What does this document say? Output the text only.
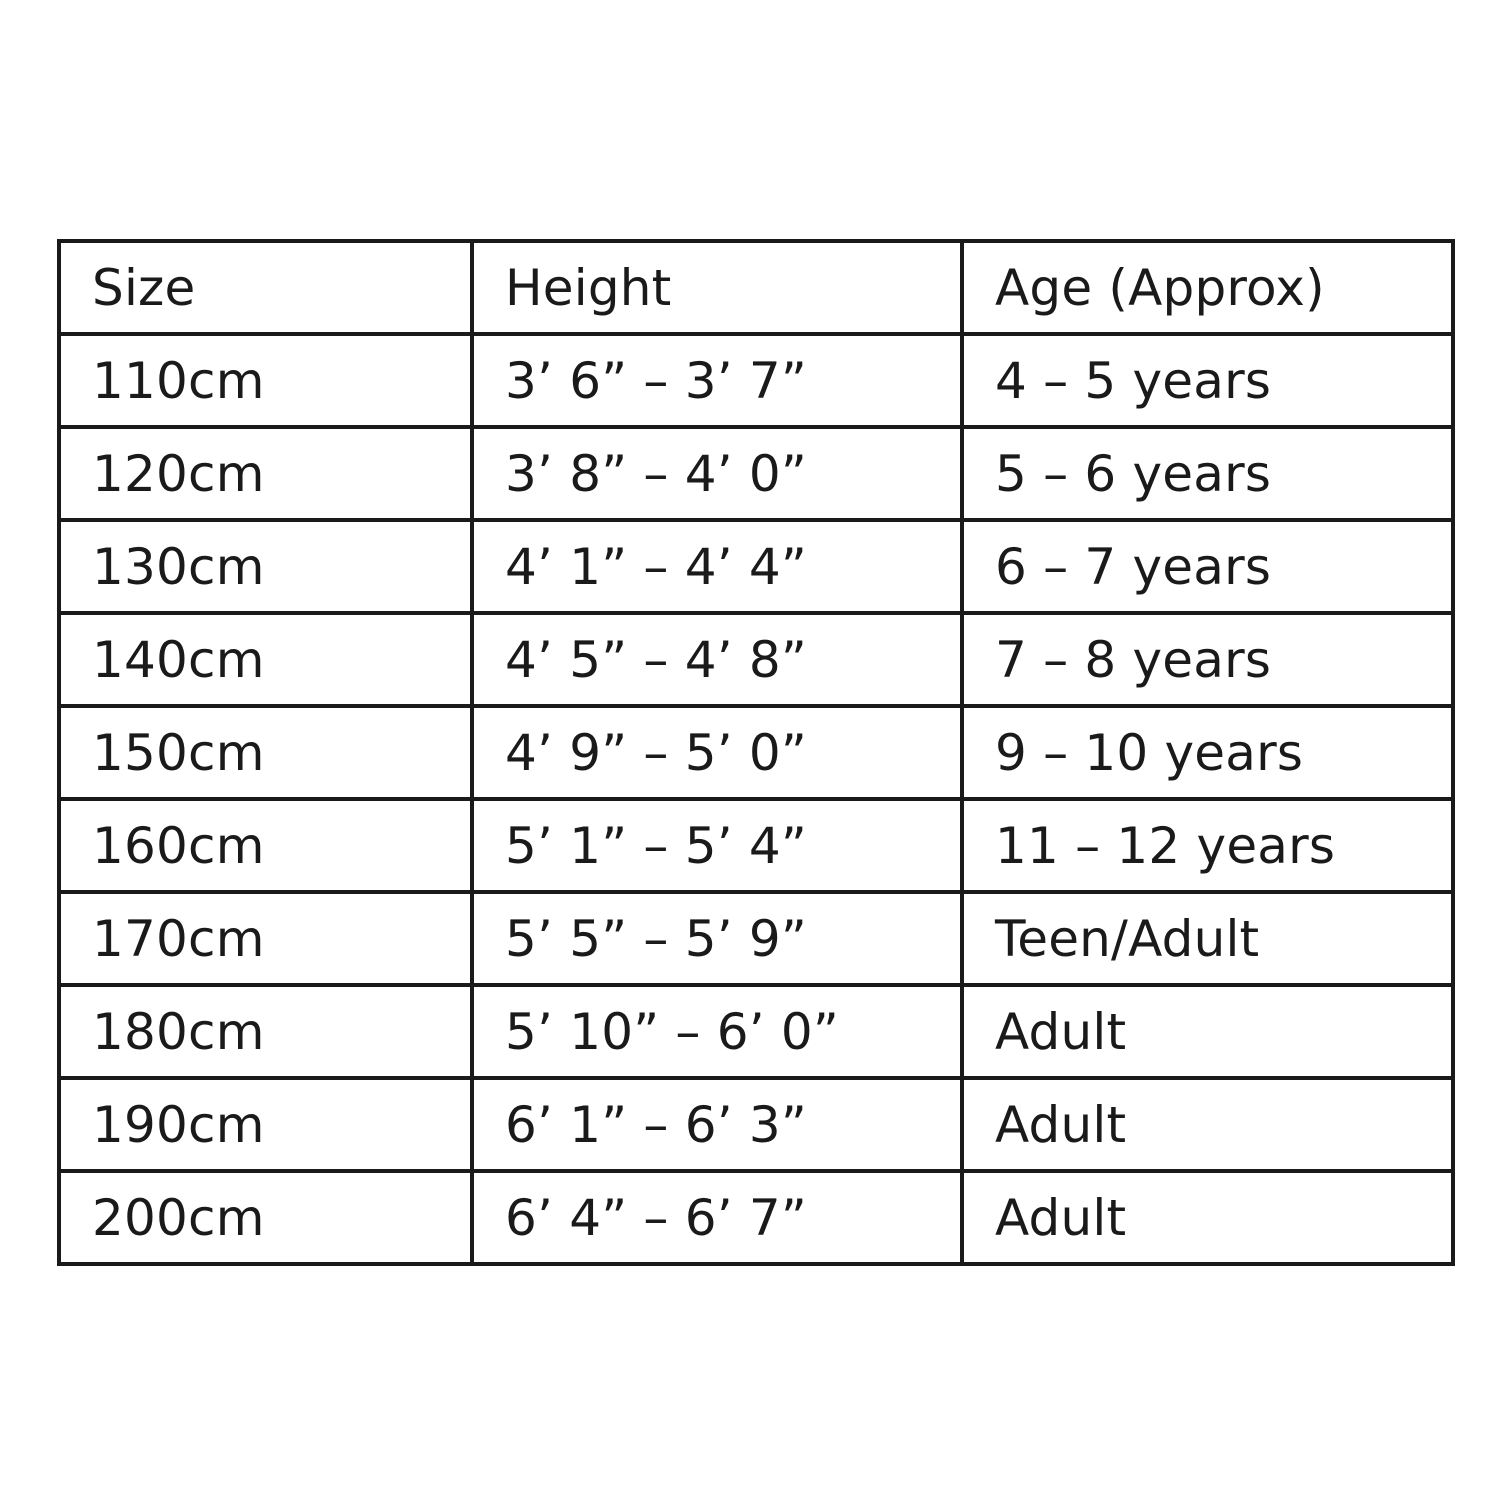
Size	Height	Age (Approx)
110cm	3’ 6” – 3’ 7”	4 – 5 years
120cm	3’ 8” – 4’ 0”	5 – 6 years
130cm	4’ 1” – 4’ 4”	6 – 7 years
140cm	4’ 5” – 4’ 8”	7 – 8 years
150cm	4’ 9” – 5’ 0”	9 – 10 years
160cm	5’ 1” – 5’ 4”	11 – 12 years
170cm	5’ 5” – 5’ 9”	Teen/Adult
180cm	5’ 10” – 6’ 0”	Adult
190cm	6’ 1” – 6’ 3”	Adult
200cm	6’ 4” – 6’ 7”	Adult
